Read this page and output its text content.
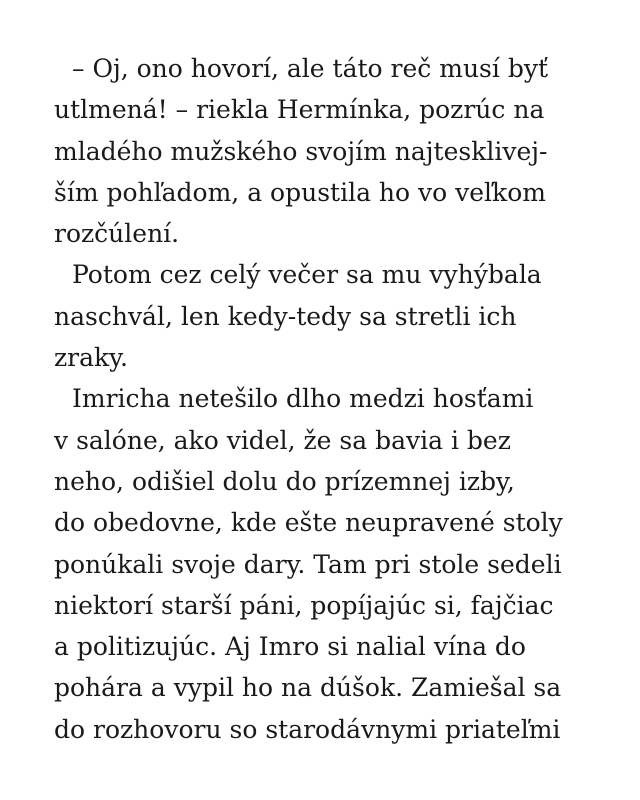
– Oj, ono hovorí, ale táto reč musí byť
utlmená! – riekla Hermínka, pozrúc na
mladého mužského svojím najtesklivej-
ším pohľadom, a opustila ho vo veľkom
rozčúlení.
Potom cez celý večer sa mu vyhýbala
naschvál, len kedy-tedy sa stretli ich
zraky.
Imricha netešilo dlho medzi hosťami
v salóne, ako videl, že sa bavia i bez
neho, odišiel dolu do prízemnej izby,
do obedovne, kde ešte neupravené stoly
ponúkali svoje dary. Tam pri stole sedeli
niektorí starší páni, popíjajúc si, fajčiac
a politizujúc. Aj Imro si nalial vína do
pohára a vypil ho na dúšok. Zamiešal sa
do rozhovoru so starodávnymi priateľmi
